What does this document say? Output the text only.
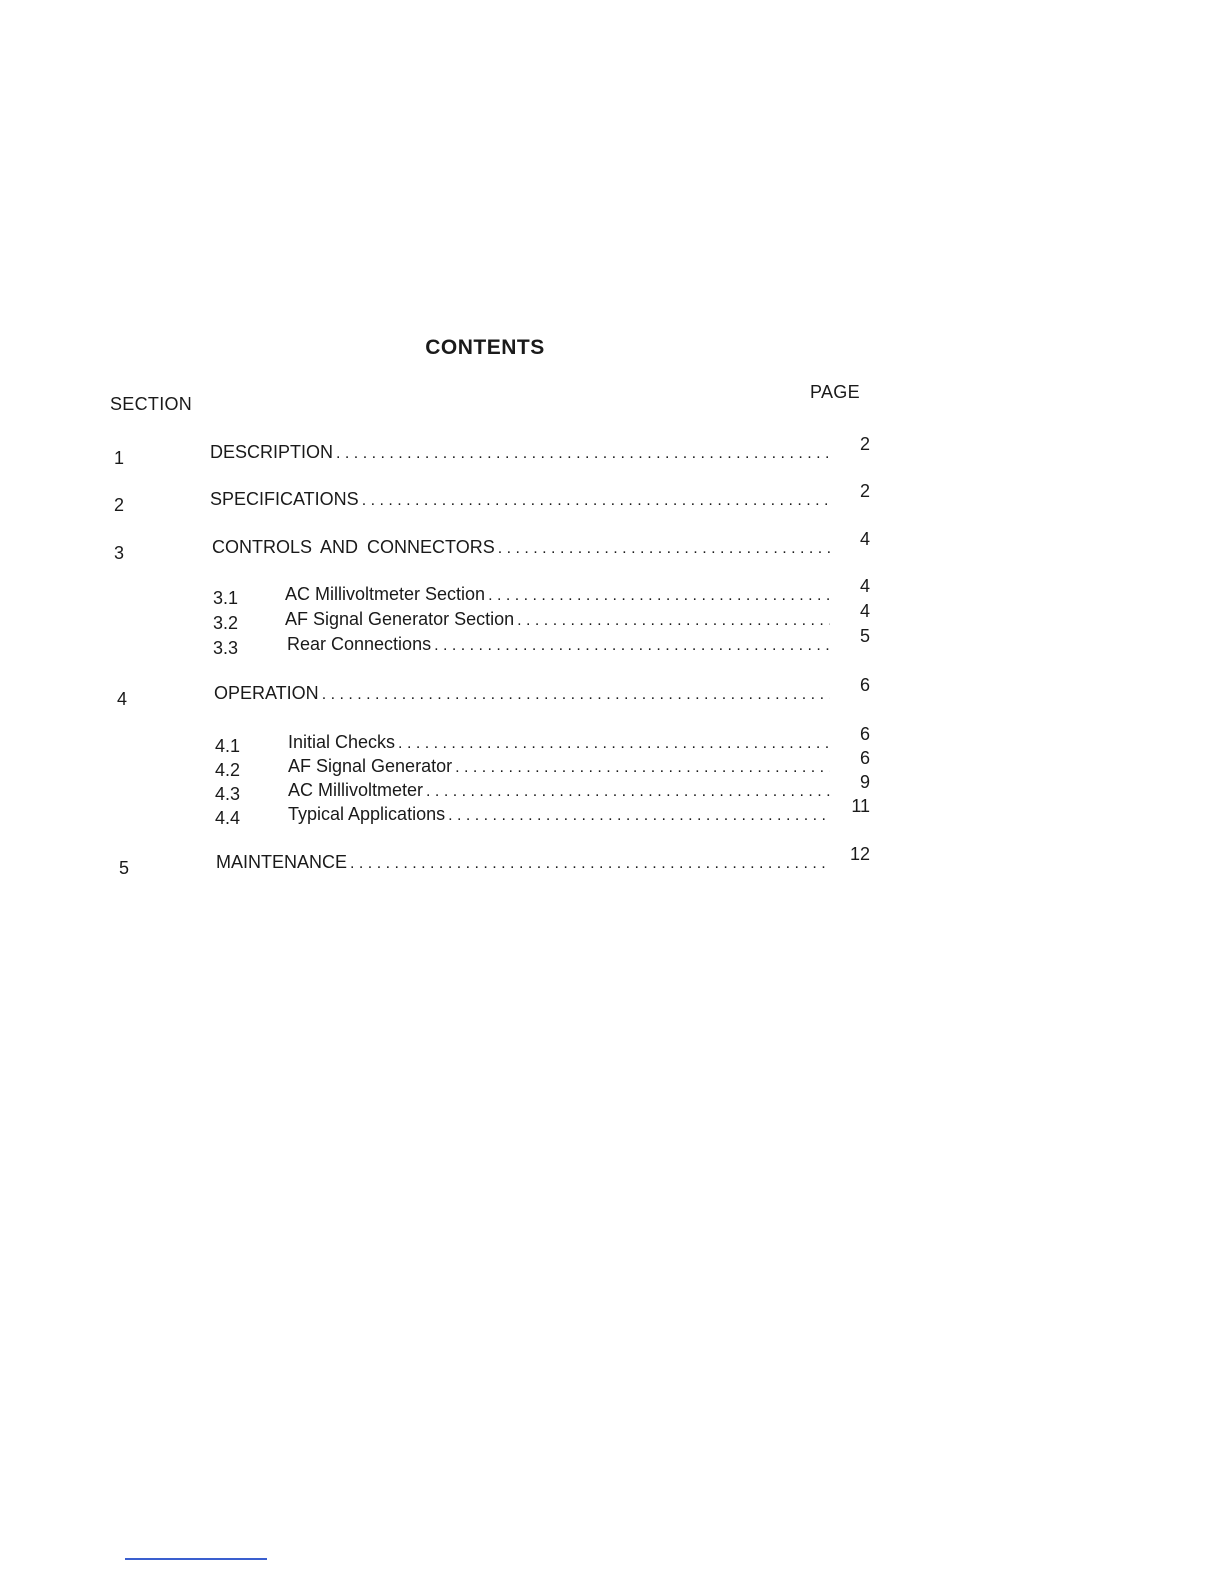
CONTENTS
SECTION
PAGE
1	DESCRIPTION . . .	2
2	SPECIFICATIONS . . .	2
3	CONTROLS AND CONNECTORS . . .	4
3.1	AC Millivoltmeter Section . . .	4
3.2	AF Signal Generator Section . . .	4
3.3	Rear Connections . . .	5
4	OPERATION . . .	6
4.1	Initial Checks . . .	6
4.2	AF Signal Generator . . .	6
4.3	AC Millivoltmeter . . .	9
4.4	Typical Applications . . .	11
5	MAINTENANCE . . .	12
